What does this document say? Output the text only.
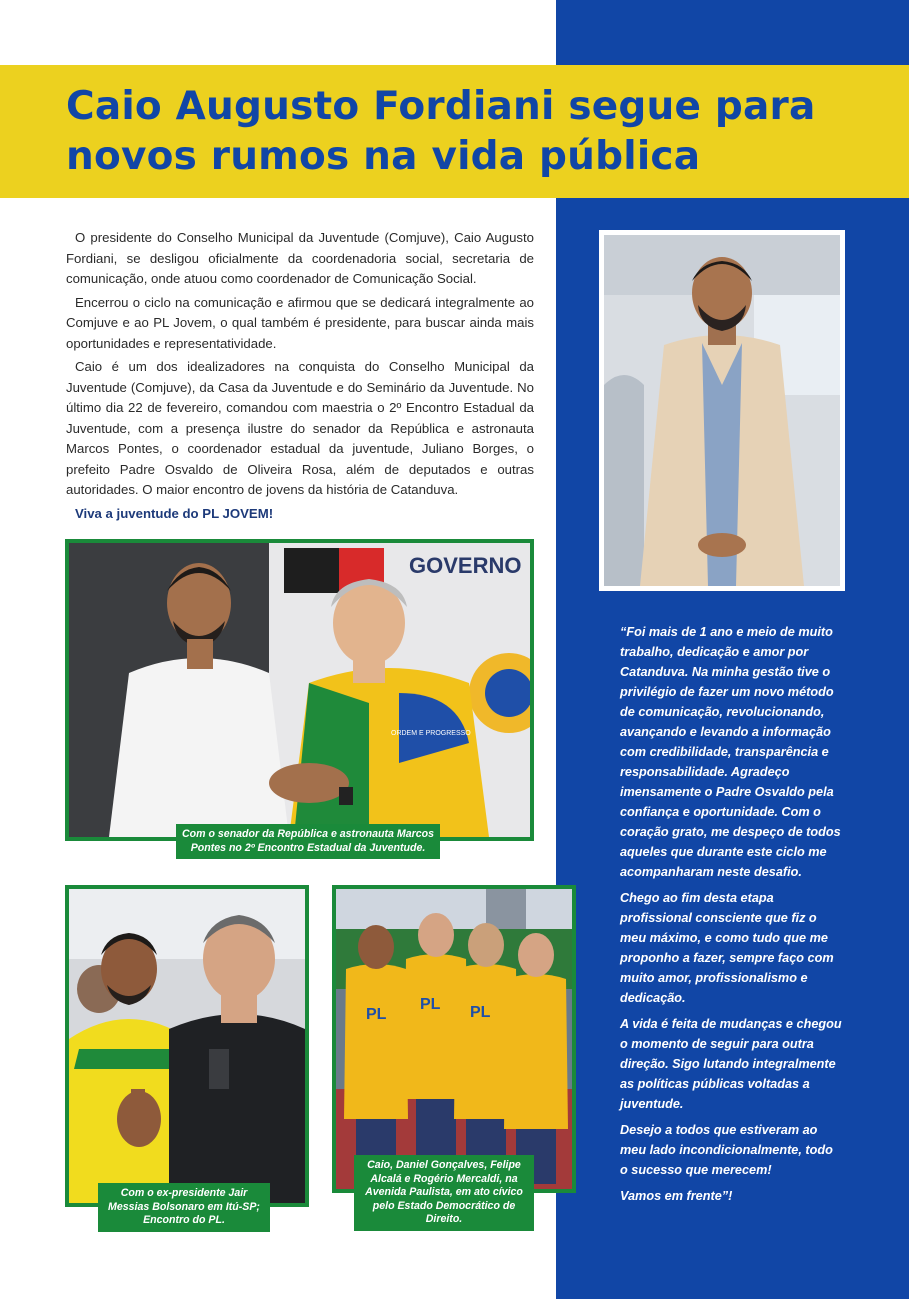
Caio Augusto Fordiani segue para novos rumos na vida pública

O presidente do Conselho Municipal da Juventude (Comjuve), Caio Augusto Fordiani, se desligou oficialmente da coordenadoria social, secretaria de comunicação, onde atuou como coordenador de Comunicação Social.

Encerrou o ciclo na comunicação e afirmou que se dedicará integralmente ao Comjuve e ao PL Jovem, o qual também é presidente, para buscar ainda mais oportunidades e representatividade.

Caio é um dos idealizadores na conquista do Conselho Municipal da Juventude (Comjuve), da Casa da Juventude e do Seminário da Juventude. No último dia 22 de fevereiro, comandou com maestria o 2º Encontro Estadual da Juventude, com a presença ilustre do senador da República e astronauta Marcos Pontes, o coordenador estadual da juventude, Juliano Borges, o prefeito Padre Osvaldo de Oliveira Rosa, além de deputados e outras autoridades. O maior encontro de jovens da história de Catanduva.

Viva a juventude do PL JOVEM!

GOVERNO
ORDEM E PROGRESSO
Com o senador da República e astronauta Marcos Pontes no 2º Encontro Estadual da Juventude.
Com o ex-presidente Jair Messias Bolsonaro em Itú-SP; Encontro do PL.
PL PL
PL
Caio, Daniel Gonçalves, Felipe Alcalá e Rogério Mercaldi, na Avenida Paulista, em ato cívico pelo Estado Democrático de Direito.

“Foi mais de 1 ano e meio de muito trabalho, dedicação e amor por Catanduva. Na minha gestão tive o privilégio de fazer um novo método de comunicação, revolucionando, avançando e levando a informação com credibilidade, transparência e responsabilidade. Agradeço imensamente o Padre Osvaldo pela confiança e oportunidade. Com o coração grato, me despeço de todos aqueles que durante este ciclo me acompanharam neste desafio.

Chego ao fim desta etapa profissional consciente que fiz o meu máximo, e como tudo que me proponho a fazer, sempre faço com muito amor, profissionalismo e dedicação.

A vida é feita de mudanças e chegou o momento de seguir para outra direção. Sigo lutando integralmente as políticas públicas voltadas a juventude.

Desejo a todos que estiveram ao meu lado incondicionalmente, todo o sucesso que merecem!

Vamos em frente”!
